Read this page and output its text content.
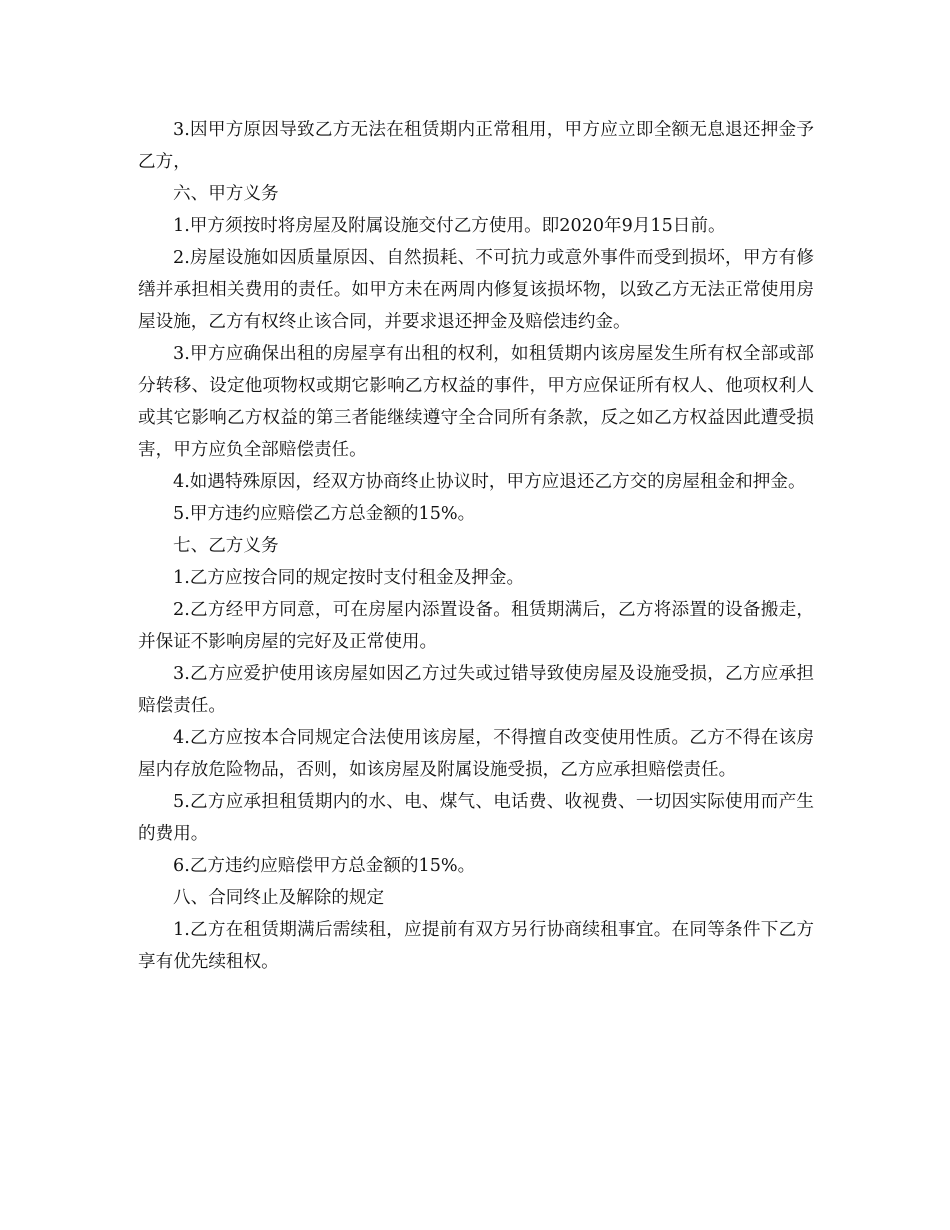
3.因甲方原因导致乙方无法在租赁期内正常租用，甲方应立即全额无息退还押金予乙方，

六、甲方义务

1.甲方须按时将房屋及附属设施交付乙方使用。即2020年9月15日前。

2.房屋设施如因质量原因、自然损耗、不可抗力或意外事件而受到损坏，甲方有修缮并承担相关费用的责任。如甲方未在两周内修复该损坏物，以致乙方无法正常使用房屋设施，乙方有权终止该合同，并要求退还押金及赔偿违约金。

3.甲方应确保出租的房屋享有出租的权利，如租赁期内该房屋发生所有权全部或部分转移、设定他项物权或期它影响乙方权益的事件，甲方应保证所有权人、他项权利人或其它影响乙方权益的第三者能继续遵守全合同所有条款，反之如乙方权益因此遭受损害，甲方应负全部赔偿责任。

4.如遇特殊原因，经双方协商终止协议时，甲方应退还乙方交的房屋租金和押金。

5.甲方违约应赔偿乙方总金额的15%。

七、乙方义务

1.乙方应按合同的规定按时支付租金及押金。

2.乙方经甲方同意，可在房屋内添置设备。租赁期满后，乙方将添置的设备搬走，并保证不影响房屋的完好及正常使用。

3.乙方应爱护使用该房屋如因乙方过失或过错导致使房屋及设施受损，乙方应承担赔偿责任。

4.乙方应按本合同规定合法使用该房屋，不得擅自改变使用性质。乙方不得在该房屋内存放危险物品，否则，如该房屋及附属设施受损，乙方应承担赔偿责任。

5.乙方应承担租赁期内的水、电、煤气、电话费、收视费、一切因实际使用而产生的费用。

6.乙方违约应赔偿甲方总金额的15%。

八、合同终止及解除的规定

1.乙方在租赁期满后需续租，应提前有双方另行协商续租事宜。在同等条件下乙方享有优先续租权。
